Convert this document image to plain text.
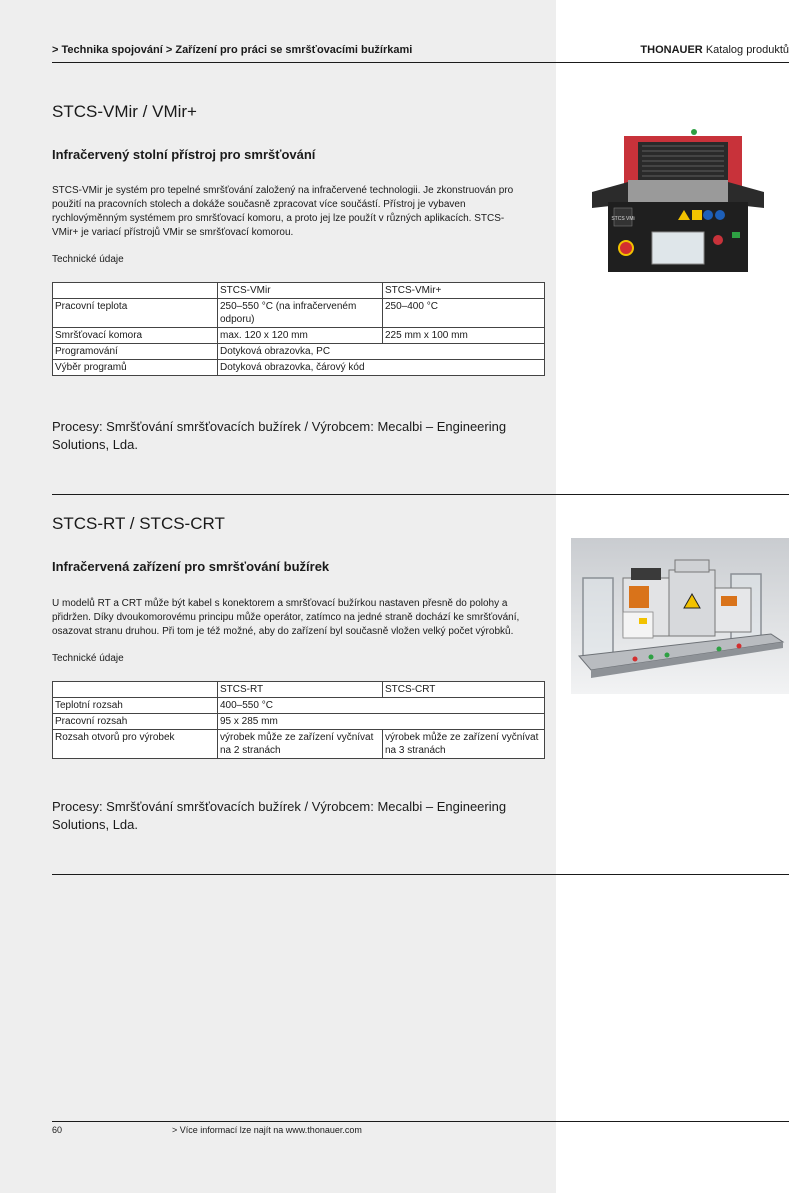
> Technika spojování > Zařízení pro práci se smršťovacími bužírkami	THONAUER Katalog produktů
STCS-VMir / VMir+
Infračervený stolní přístroj pro smršťování

STCS-VMir je systém pro tepelné smršťování založený na infračervené technologii. Je zkonstruován pro použití na pracovních stolech a dokáže současně zpracovat více součástí. Přístroj je vybaven rychlovýměnným systémem pro smršťovací komoru, a proto jej lze použít v různých aplikacích. STCS-VMir+ je variací přístrojů VMir se smršťovací komorou.

Technické údaje

	STCS-VMir	STCS-VMir+
Pracovní teplota	250–550 °C (na infračerveném odporu)	250–400 °C
Smršťovací komora	max. 120 x 120 mm	225 mm x 100 mm
Programování	Dotyková obrazovka, PC	
Výběr programů	Dotyková obrazovka, čárový kód	

Procesy: Smršťování smršťovacích bužírek / Výrobcem: Mecalbi – Engineering Solutions, Lda.

STCS VMi
STCS-RT / STCS-CRT
Infračervená zařízení pro smršťování bužírek

U modelů RT a CRT může být kabel s konektorem a smršťovací bužírkou nastaven přesně do polohy a přidržen. Díky dvoukomorovému principu může operátor, zatímco na jedné straně dochází ke smršťování, osazovat stranu druhou. Při tom je též možné, aby do zařízení byl současně vložen velký počet výrobků.

Technické údaje

	STCS-RT	STCS-CRT
Teplotní rozsah	400–550 °C	
Pracovní rozsah	95 x 285 mm	
Rozsah otvorů pro výrobek	výrobek může ze zařízení vyčnívat na 2 stranách	výrobek může ze zařízení vyčnívat na 3 stranách

Procesy: Smršťování smršťovacích bužírek / Výrobcem: Mecalbi – Engineering Solutions, Lda.

60	> Více informací lze najít na www.thonauer.com
